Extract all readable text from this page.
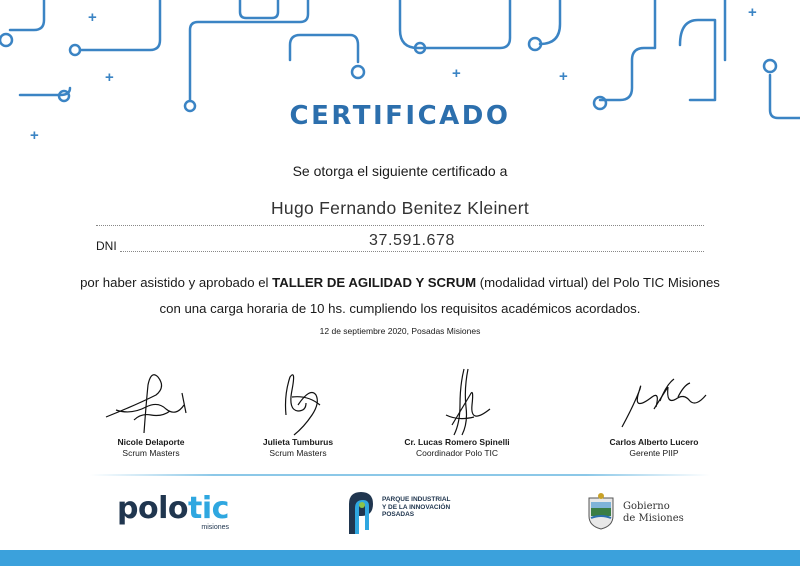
+
+
+
+	+
+
CERTIFICADO
Se otorga el siguiente certificado a
Hugo Fernando Benitez Kleinert
DNI	37.591.678
por haber asistido y aprobado el TALLER DE AGILIDAD Y SCRUM (modalidad virtual) del Polo TIC Misiones con una carga horaria de 10 hs. cumpliendo los requisitos académicos acordados.
12 de septiembre 2020, Posadas Misiones
Nicole Delaporte
Scrum Masters
Julieta Tumburus
Scrum Masters
Cr. Lucas Romero Spinelli
Coordinador Polo TIC
Carlos Alberto Lucero
Gerente PIIP
polotic
misiones
PARQUE INDUSTRIAL
Y DE LA INNOVACIÓN
POSADAS
Gobierno
de Misiones
